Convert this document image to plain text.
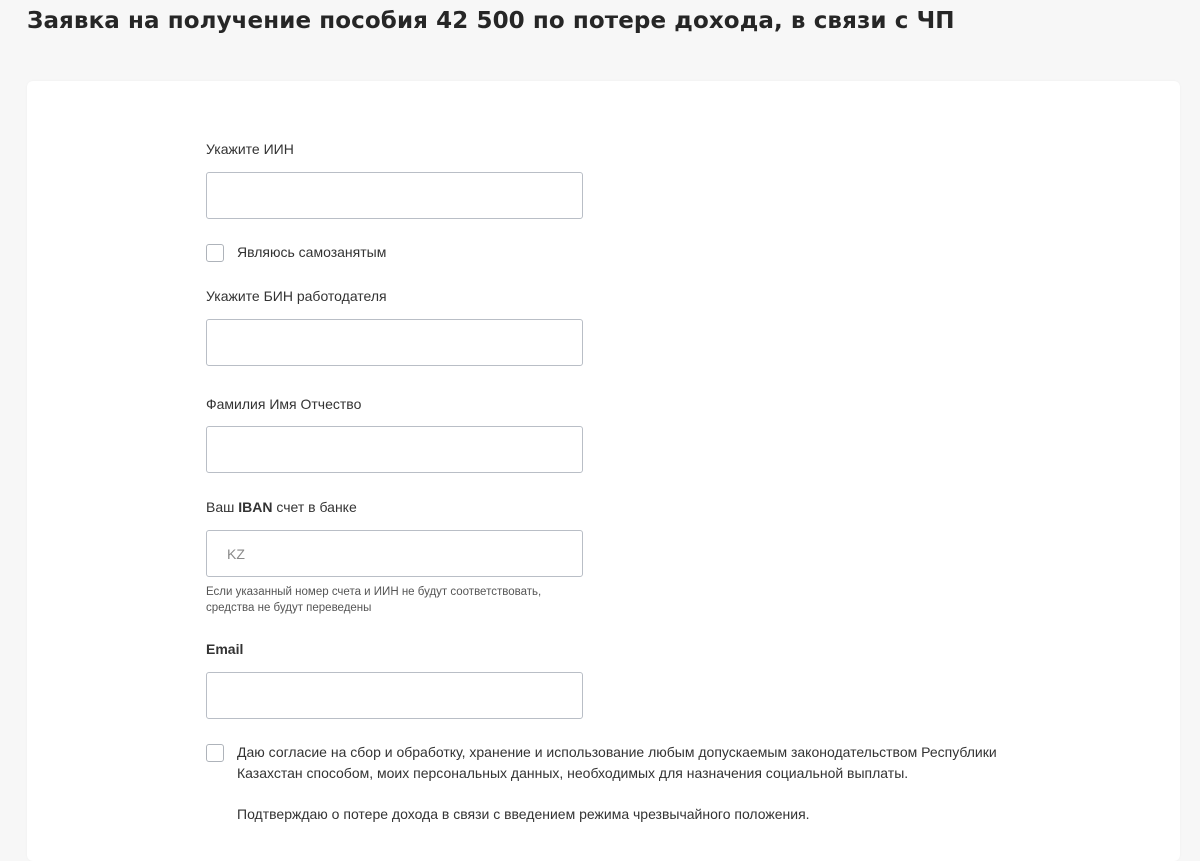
Заявка на получение пособия 42 500 по потере дохода, в связи с ЧП
Укажите ИИН
Являюсь самозанятым
Укажите БИН работодателя
Фамилия Имя Отчество
Ваш IBAN счет в банке
KZ
Если указанный номер счета и ИИН не будут соответствовать,
средства не будут переведены
Email
Даю согласие на сбор и обработку, хранение и использование любым допускаемым законодательством Республики
Казахстан способом, моих персональных данных, необходимых для назначения социальной выплаты.
Подтверждаю о потере дохода в связи с введением режима чрезвычайного положения.
